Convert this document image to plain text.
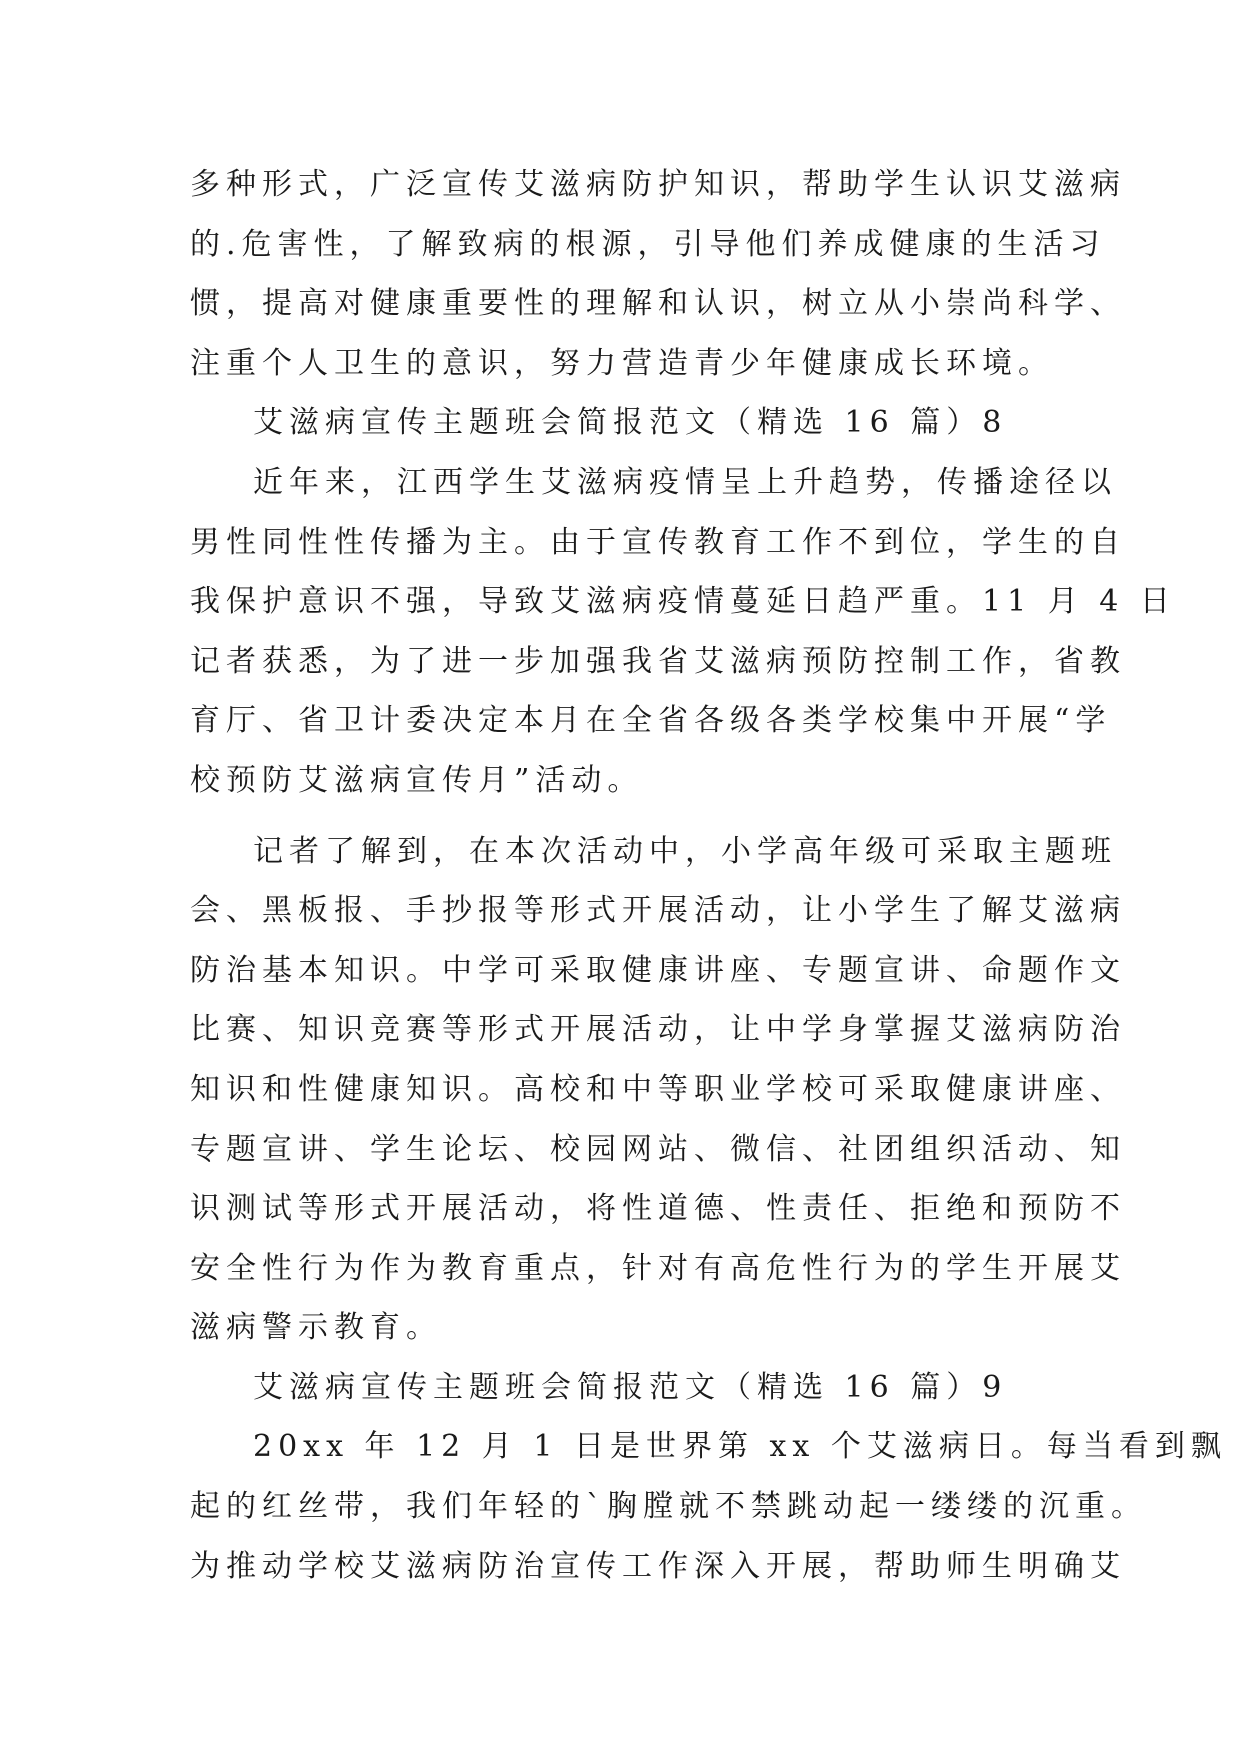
多种形式，广泛宣传艾滋病防护知识，帮助学生认识艾滋病

的.危害性，了解致病的根源，引导他们养成健康的生活习

惯，提高对健康重要性的理解和认识，树立从小崇尚科学、

注重个人卫生的意识，努力营造青少年健康成长环境。

艾滋病宣传主题班会简报范文（精选 16 篇）8

近年来，江西学生艾滋病疫情呈上升趋势，传播途径以

男性同性性传播为主。由于宣传教育工作不到位，学生的自

我保护意识不强，导致艾滋病疫情蔓延日趋严重。11 月 4 日

记者获悉，为了进一步加强我省艾滋病预防控制工作，省教

育厅、省卫计委决定本月在全省各级各类学校集中开展“学

校预防艾滋病宣传月”活动。

记者了解到，在本次活动中，小学高年级可采取主题班

会、黑板报、手抄报等形式开展活动，让小学生了解艾滋病

防治基本知识。中学可采取健康讲座、专题宣讲、命题作文

比赛、知识竞赛等形式开展活动，让中学身掌握艾滋病防治

知识和性健康知识。高校和中等职业学校可采取健康讲座、

专题宣讲、学生论坛、校园网站、微信、社团组织活动、知

识测试等形式开展活动，将性道德、性责任、拒绝和预防不

安全性行为作为教育重点，针对有高危性行为的学生开展艾

滋病警示教育。

艾滋病宣传主题班会简报范文（精选 16 篇）9

20xx 年 12 月 1 日是世界第 xx 个艾滋病日。每当看到飘

起的红丝带，我们年轻的`胸膛就不禁跳动起一缕缕的沉重。

为推动学校艾滋病防治宣传工作深入开展，帮助师生明确艾
